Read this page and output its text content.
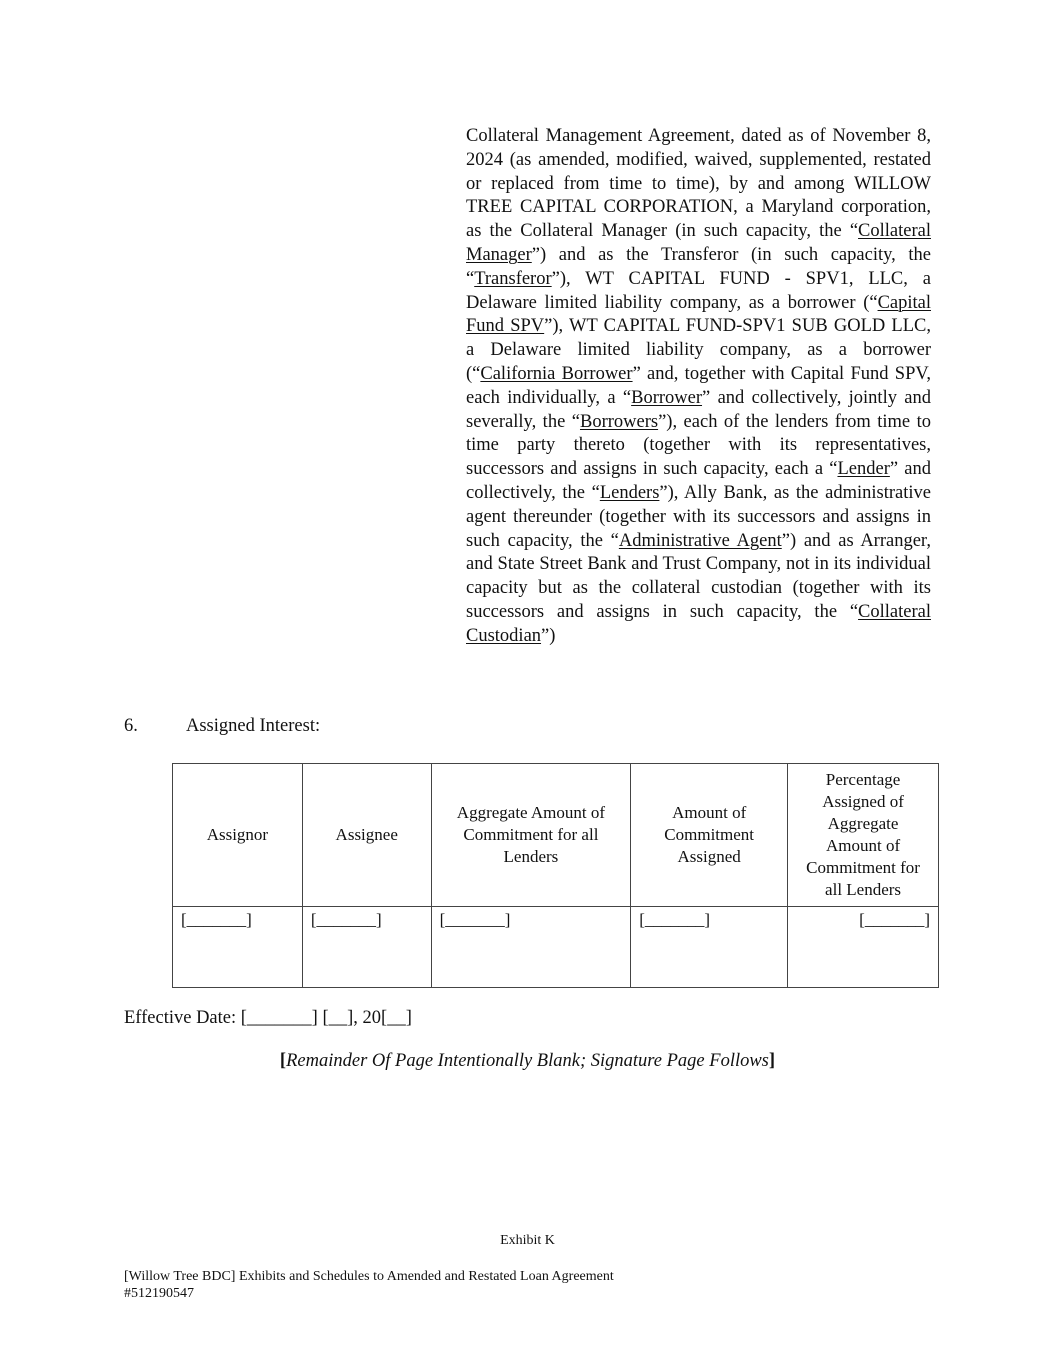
Collateral Management Agreement, dated as of November 8, 2024 (as amended, modified, waived, supplemented, restated or replaced from time to time), by and among WILLOW TREE CAPITAL CORPORATION, a Maryland corporation, as the Collateral Manager (in such capacity, the “Collateral Manager”) and as the Transferor (in such capacity, the “Transferor”), WT CAPITAL FUND - SPV1, LLC, a Delaware limited liability company, as a borrower (“Capital Fund SPV”), WT CAPITAL FUND-SPV1 SUB GOLD LLC, a Delaware limited liability company, as a borrower (“California Borrower” and, together with Capital Fund SPV, each individually, a “Borrower” and collectively, jointly and severally, the “Borrowers”), each of the lenders from time to time party thereto (together with its representatives, successors and assigns in such capacity, each a “Lender” and collectively, the “Lenders”), Ally Bank, as the administrative agent thereunder (together with its successors and assigns in such capacity, the “Administrative Agent”) and as Arranger, and State Street Bank and Trust Company, not in its individual capacity but as the collateral custodian (together with its successors and assigns in such capacity, the “Collateral Custodian”)
6.	Assigned Interest:
Assignor	Assignee	Aggregate Amount of Commitment for all Lenders	Amount of Commitment Assigned	Percentage Assigned of Aggregate Amount of Commitment for all Lenders

[_______]	[_______]	[_______]	[_______]	[_______]
Effective Date: [_______] [__], 20[__]
[Remainder Of Page Intentionally Blank; Signature Page Follows]
Exhibit K
[Willow Tree BDC] Exhibits and Schedules to Amended and Restated Loan Agreement
#512190547
